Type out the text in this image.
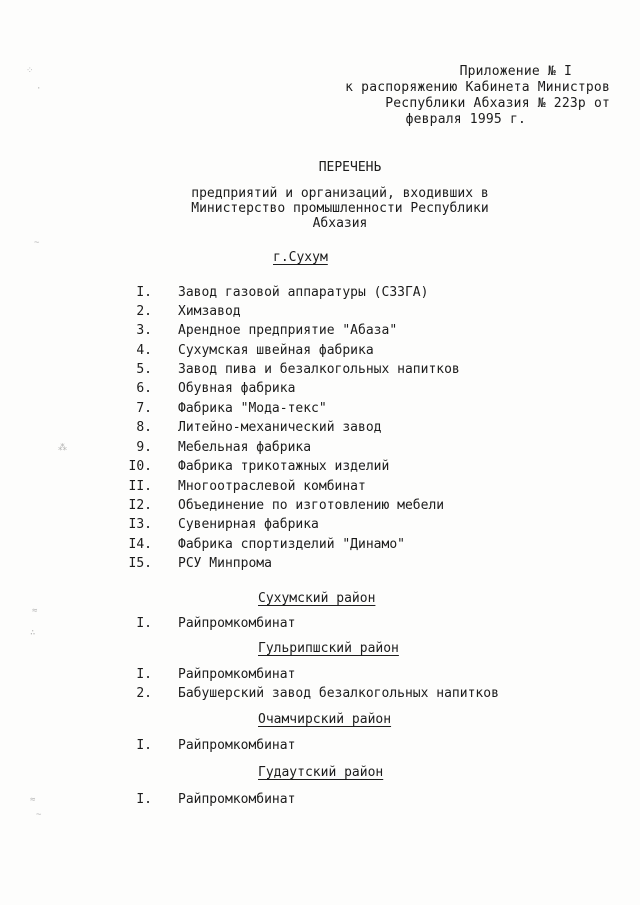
Приложение № I
к распоряжению Кабинета Министров
Республики Абхазия № 223р от
февраля 1995 г.
ПЕРЕЧЕНЬ
предприятий и организаций, входивших в Министерство промышленности Республики Абхазия
г.Сухум
I. Завод газовой аппаратуры (СЗЗГА)
2. Химзавод
3. Арендное предприятие "Абаза"
4. Сухумская швейная фабрика
5. Завод пива и безалкогольных напитков
6. Обувная фабрика
7. Фабрика "Мода-текс"
8. Литейно-механический завод
9. Мебельная фабрика
I0. Фабрика трикотажных изделий
II. Многоотраслевой комбинат
I2. Объединение по изготовлению мебели
I3. Сувенирная фабрика
I4. Фабрика спортизделий "Динамо"
I5. РСУ Минпрома
Сухумский район
I. Райпромкомбинат
Гульрипшский район
I. Райпромкомбинат
2. Бабушерский завод безалкогольных напитков
Очамчирский район
I. Райпромкомбинат
Гудаутский район
I. Райпромкомбинат
⁘
·
~
⁂
≈
∴
≈
~
